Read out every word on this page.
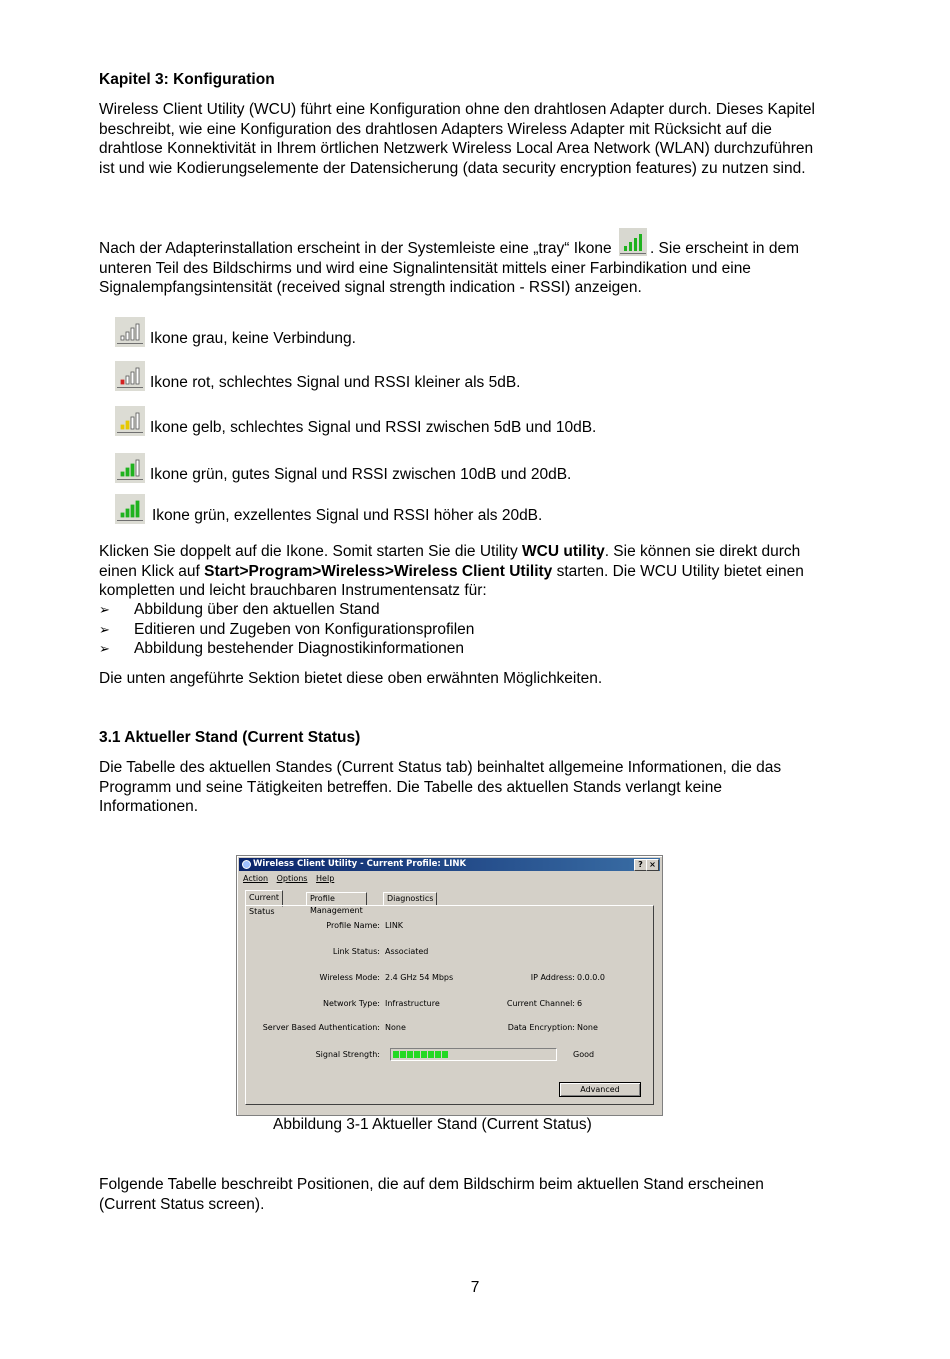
Kapitel 3: Konfiguration

Wireless Client Utility (WCU) führt eine Konfiguration ohne den drahtlosen Adapter durch. Dieses Kapitel beschreibt, wie eine Konfiguration des drahtlosen Adapters Wireless Adapter mit Rücksicht auf die drahtlose Konnektivität in Ihrem örtlichen Netzwerk Wireless Local Area Network (WLAN) durchzuführen ist und wie Kodierungselemente der Datensicherung (data security encryption features) zu nutzen sind.

Nach der Adapterinstallation erscheint in der Systemleiste eine „tray“ Ikone . Sie erscheint in dem unteren Teil des Bildschirms und wird eine Signalintensität mittels einer Farbindikation und eine Signalempfangsintensität (received signal strength indication - RSSI) anzeigen.

Ikone grau, keine Verbindung.
Ikone rot, schlechtes Signal und RSSI kleiner als 5dB.
Ikone gelb, schlechtes Signal und RSSI zwischen 5dB und 10dB.
Ikone grün, gutes Signal und RSSI zwischen 10dB und 20dB.
Ikone grün, exzellentes Signal und RSSI höher als 20dB.

Klicken Sie doppelt auf die Ikone. Somit starten Sie die Utility WCU utility. Sie können sie direkt durch einen Klick auf Start>Program>Wireless>Wireless Client Utility starten. Die WCU Utility bietet einen kompletten und leicht brauchbaren Instrumentensatz für:

➢ Abbildung über den aktuellen Stand
➢ Editieren und Zugeben von Konfigurationsprofilen
➢ Abbildung bestehender Diagnostikinformationen

Die unten angeführte Sektion bietet diese oben erwähnten Möglichkeiten.

3.1 Aktueller Stand (Current Status)

Die Tabelle des aktuellen Standes (Current Status tab) beinhaltet allgemeine Informationen, die das Programm und seine Tätigkeiten betreffen. Die Tabelle des aktuellen Stands verlangt keine Informationen.

Wireless Client Utility - Current Profile: LINK	? ×
Action Options Help
Current Status
Profile Management
Diagnostics
Profile Name: LINK
Link Status: Associated
Wireless Mode: 2.4 GHz 54 Mbps	IP Address: 0.0.0.0
Network Type: Infrastructure	Current Channel: 6
Server Based Authentication: None	Data Encryption: None
Signal Strength:	Good
Advanced
Abbildung 3-1 Aktueller Stand (Current Status)

Folgende Tabelle beschreibt Positionen, die auf dem Bildschirm beim aktuellen Stand erscheinen (Current Status screen).

7
